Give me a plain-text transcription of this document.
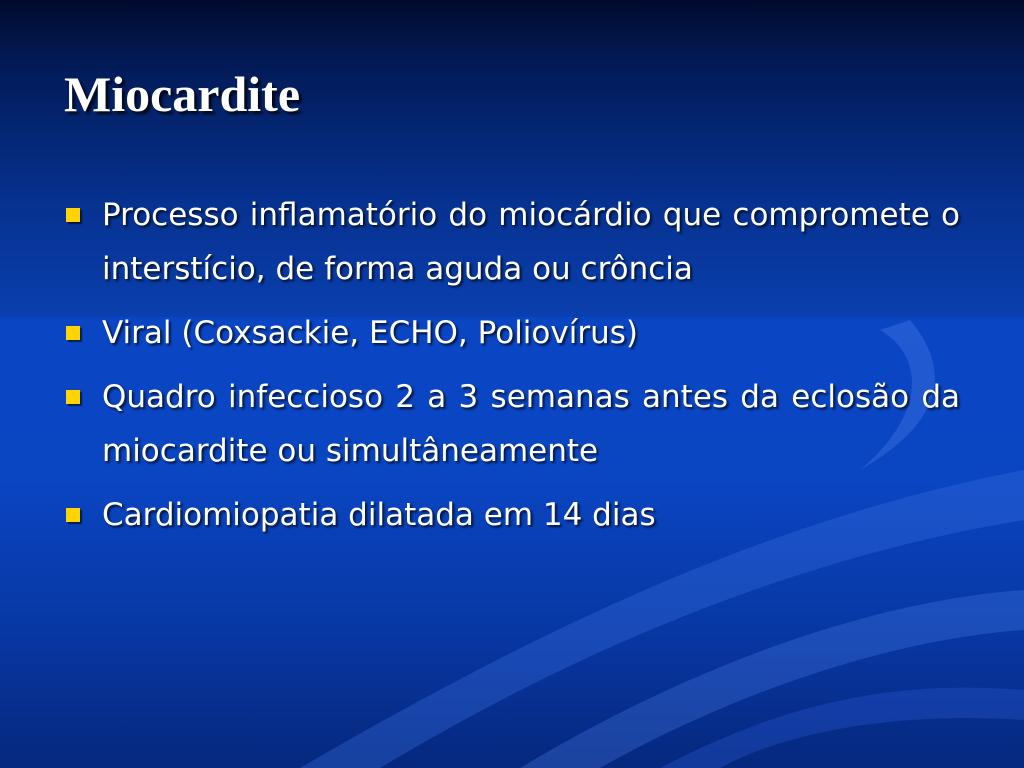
Miocardite
Processo inflamatório do miocárdio que compromete o interstício, de forma aguda ou crôncia
Viral (Coxsackie, ECHO, Poliovírus)
Quadro infeccioso 2 a 3 semanas antes da eclosão da miocardite ou simultâneamente
Cardiomiopatia dilatada em 14 dias
